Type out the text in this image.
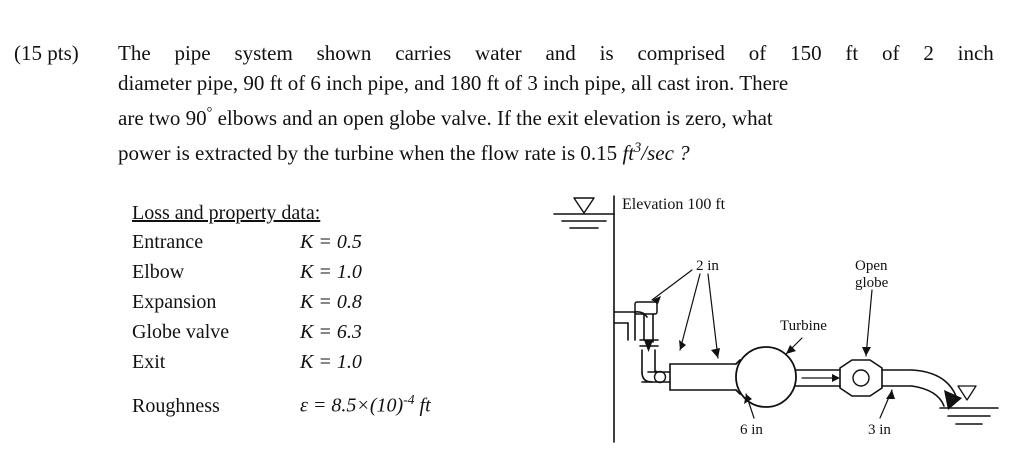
(15 pts)	The pipe system shown carries water and is comprised of 150 ft of 2 inch
diameter pipe, 90 ft of 6 inch pipe, and 180 ft of 3 inch pipe, all cast iron. There
are two 90° elbows and an open globe valve. If the exit elevation is zero, what
power is extracted by the turbine when the flow rate is 0.15 $ft^3/\sec$ ?
Loss and property data:
Entrance	K = 0.5
Elbow	K = 1.0
Expansion	K = 0.8
Globe valve	K = 6.3
Exit	K = 1.0
Roughness	$\varepsilon = 8.5\times(10)^{-4}$ ft
Elevation 100 ft
2 in	Open
globe
Turbine
6 in	3 in
